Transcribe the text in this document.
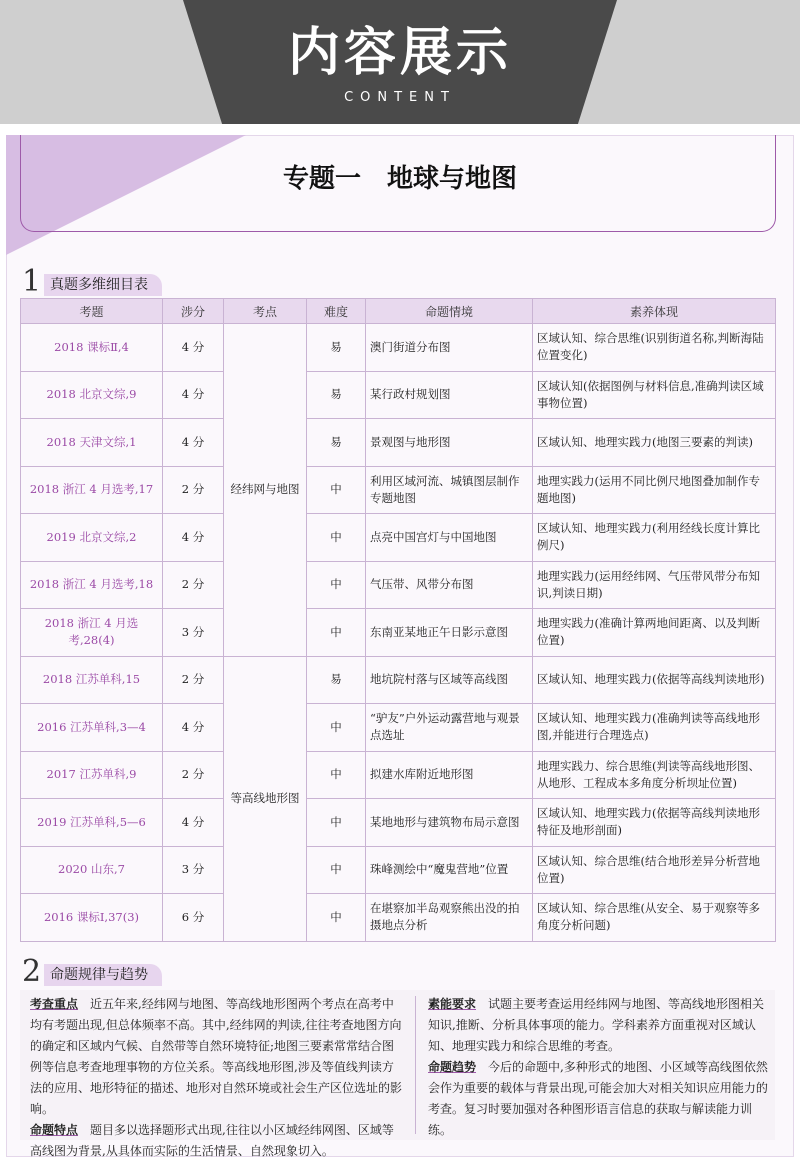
内容展示
CONTENT
专题一　地球与地图
1 真题多维细目表
考题	涉分	考点	难度	命题情境	素养体现
2018 课标Ⅱ,4	4 分	经纬网与地图	易	澳门街道分布图	区域认知、综合思维(识别街道名称,判断海陆位置变化)
2018 北京文综,9	4 分		易	某行政村规划图	区域认知(依据图例与材料信息,准确判读区域事物位置)
2018 天津文综,1	4 分		易	景观图与地形图	区域认知、地理实践力(地图三要素的判读)
2018 浙江 4 月选考,17	2 分		中	利用区域河流、城镇图层制作专题地图	地理实践力(运用不同比例尺地图叠加制作专题地图)
2019 北京文综,2	4 分		中	点亮中国宫灯与中国地图	区域认知、地理实践力(利用经线长度计算比例尺)
2018 浙江 4 月选考,18	2 分		中	气压带、风带分布图	地理实践力(运用经纬网、气压带风带分布知识,判读日期)
2018 浙江 4 月选考,28(4)	3 分		中	东南亚某地正午日影示意图	地理实践力(准确计算两地间距离、以及判断位置)
2018 江苏单科,15	2 分	等高线地形图	易	地坑院村落与区域等高线图	区域认知、地理实践力(依据等高线判读地形)
2016 江苏单科,3—4	4 分		中	“驴友”户外运动露营地与观景点选址	区域认知、地理实践力(准确判读等高线地形图,并能进行合理选点)
2017 江苏单科,9	2 分		中	拟建水库附近地形图	地理实践力、综合思维(判读等高线地形图、从地形、工程成本多角度分析坝址位置)
2019 江苏单科,5—6	4 分		中	某地地形与建筑物布局示意图	区域认知、地理实践力(依据等高线判读地形特征及地形剖面)
2020 山东,7	3 分		中	珠峰测绘中“魔鬼营地”位置	区域认知、综合思维(结合地形差异分析营地位置)
2016 课标Ⅰ,37(3)	6 分		中	在堪察加半岛观察熊出没的拍摄地点分析	区域认知、综合思维(从安全、易于观察等多角度分析问题)
2 命题规律与趋势

考查重点　 近五年来,经纬网与地图、等高线地形图两个考点在高考中均有考题出现,但总体频率不高。其中,经纬网的判读,往往考查地图方向的确定和区域内气候、自然带等自然环境特征;地图三要素常常结合图例等信息考查地理事物的方位关系。等高线地形图,涉及等值线判读方法的应用、地形特征的描述、地形对自然环境或社会生产区位选址的影响。

命题特点　 题目多以选择题形式出现,往往以小区域经纬网图、区域等高线图为背景,从具体而实际的生活情景、自然现象切入。

素能要求　 试题主要考查运用经纬网与地图、等高线地形图相关知识,推断、分析具体事项的能力。学科素养方面重视对区域认知、地理实践力和综合思维的考查。

命题趋势　 今后的命题中,多种形式的地图、小区域等高线图依然会作为重要的载体与背景出现,可能会加大对相关知识应用能力的考查。复习时要加强对各种图形语言信息的获取与解读能力训练。
